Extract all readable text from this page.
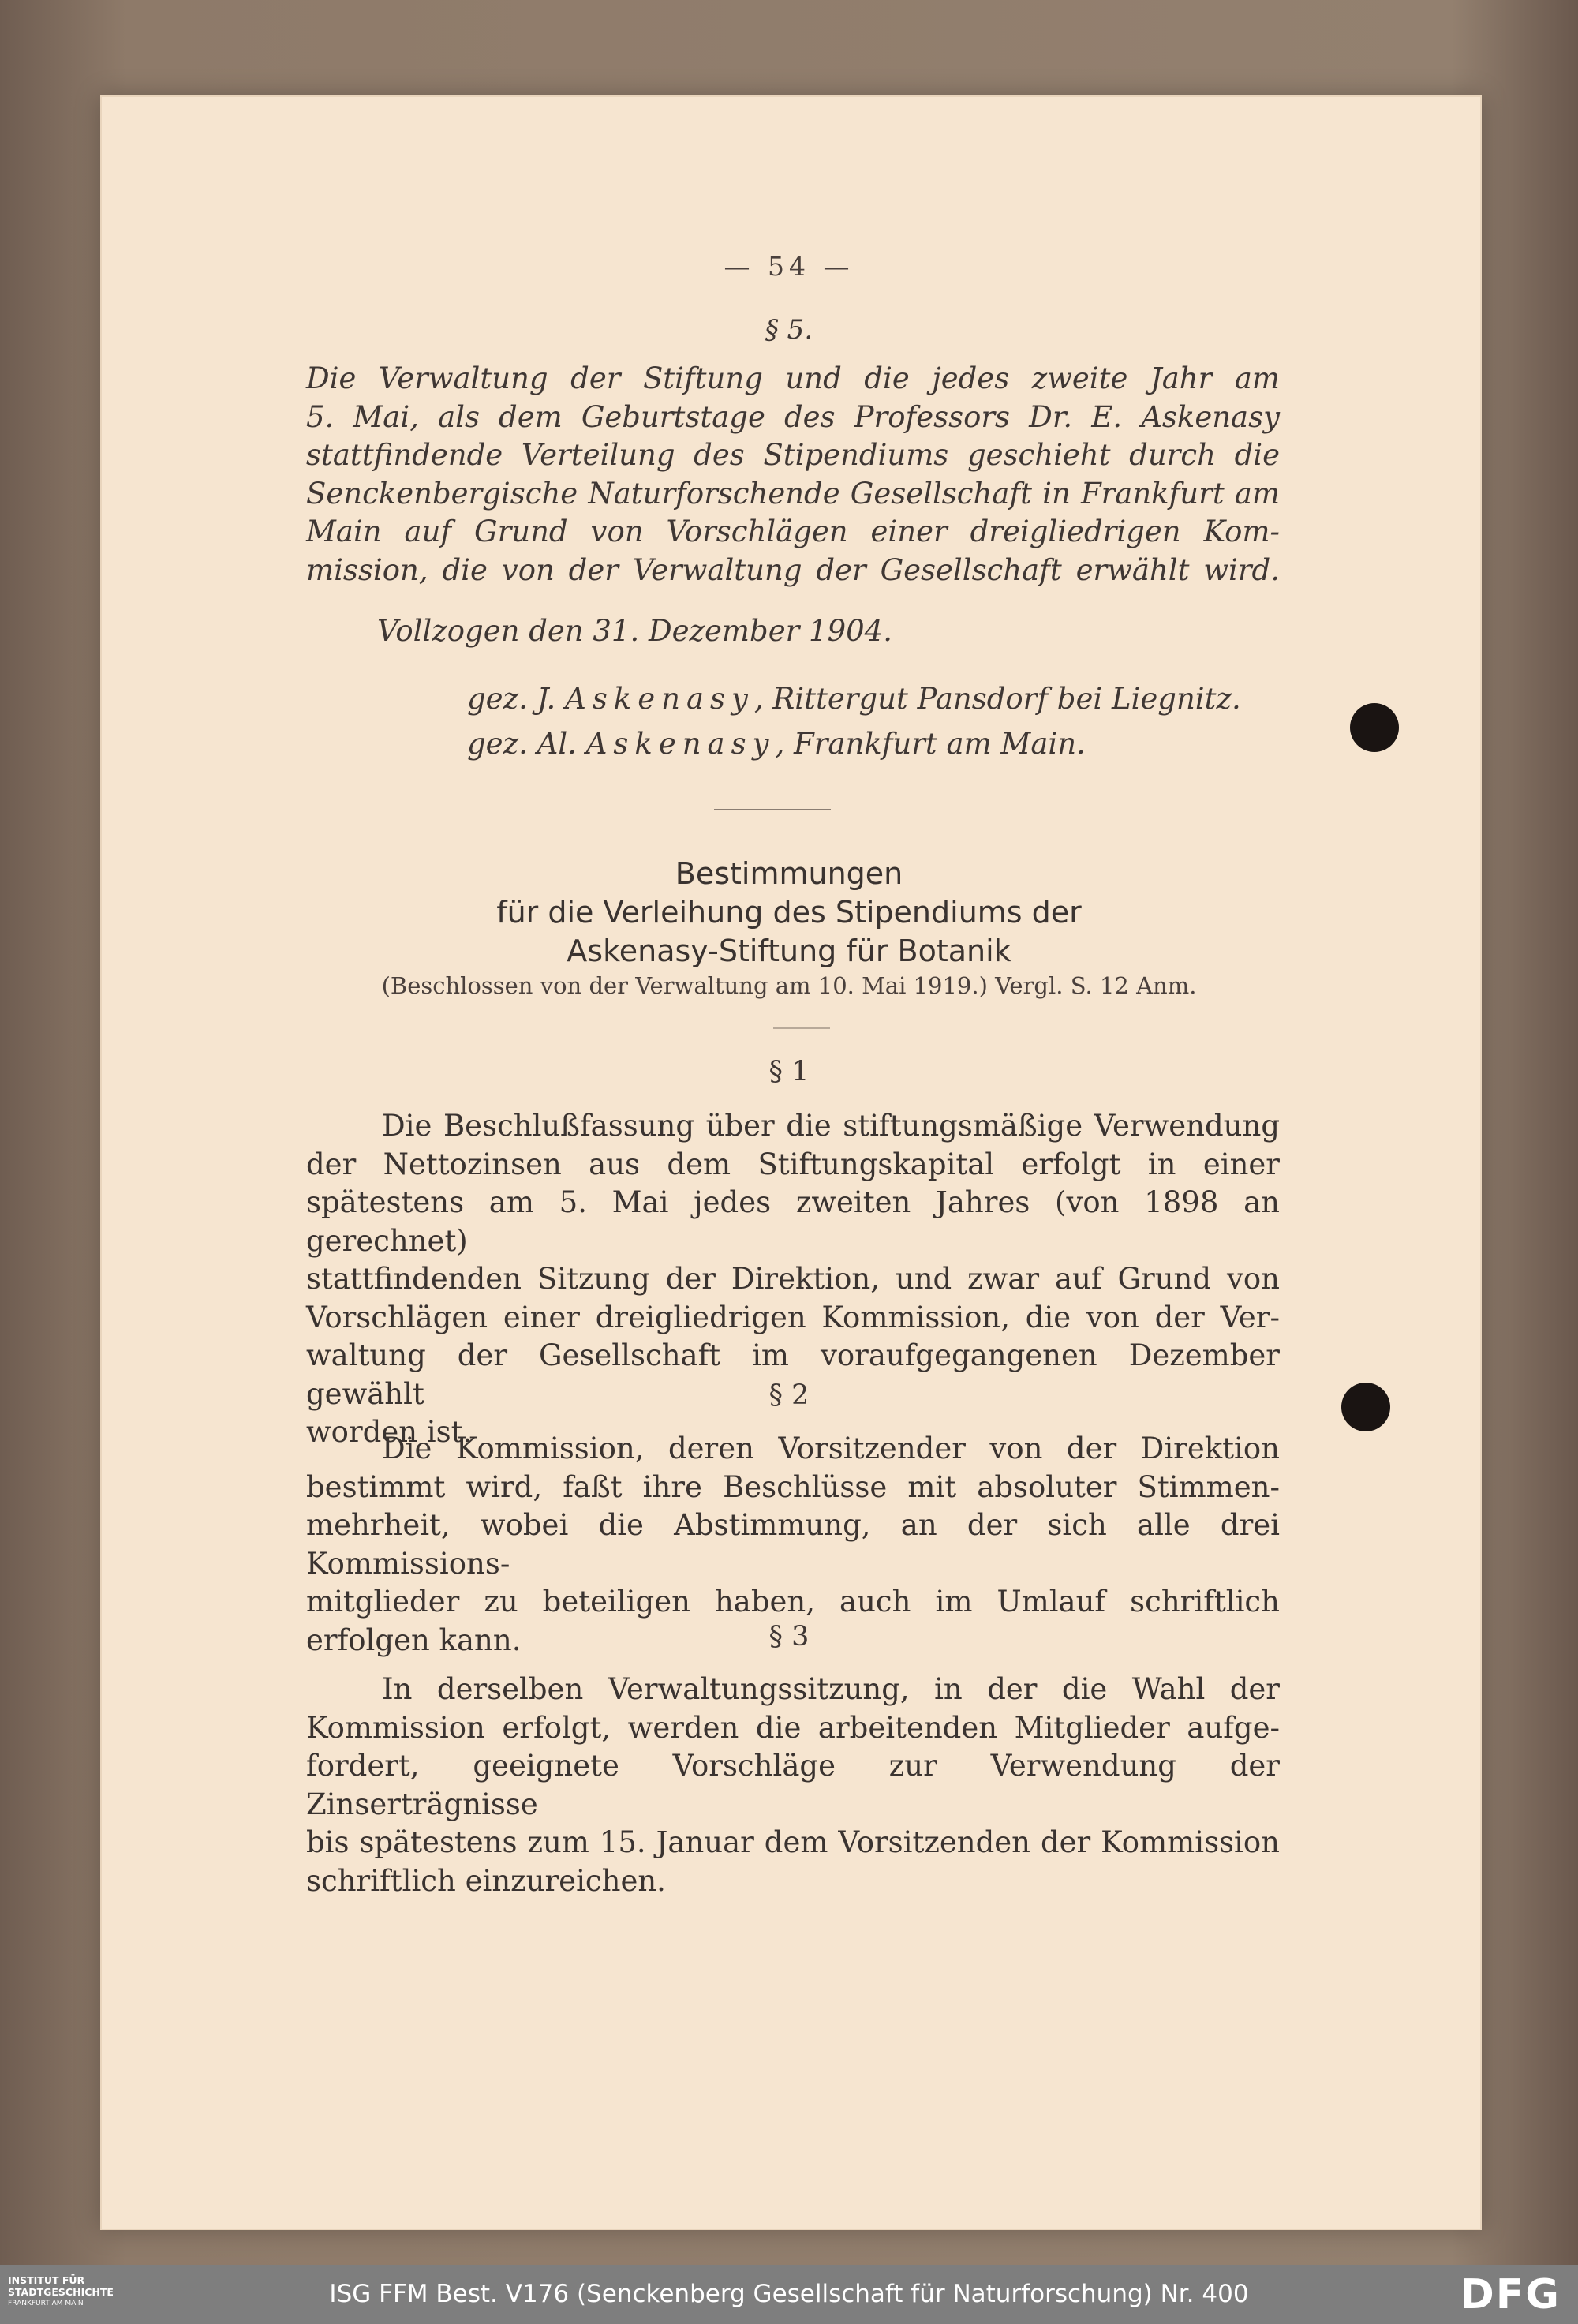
— 54 —
§ 5.
Die Verwaltung der Stiftung und die jedes zweite Jahr am
5. Mai, als dem Geburtstage des Professors Dr. E. Askenasy
stattfindende Verteilung des Stipendiums geschieht durch die
Senckenbergische Naturforschende Gesellschaft in Frankfurt am
Main auf Grund von Vorschlägen einer dreigliedrigen Kom-
mission, die von der Verwaltung der Gesellschaft erwählt wird.
Vollzogen den 31. Dezember 1904.
gez. J. Askenasy, Rittergut Pansdorf bei Liegnitz.
gez. Al. Askenasy, Frankfurt am Main.
Bestimmungen
für die Verleihung des Stipendiums der
Askenasy-Stiftung für Botanik
(Beschlossen von der Verwaltung am 10. Mai 1919.) Vergl. S. 12 Anm.
§ 1
Die Beschlußfassung über die stiftungsmäßige Verwendung
der Nettozinsen aus dem Stiftungskapital erfolgt in einer
spätestens am 5. Mai jedes zweiten Jahres (von 1898 an gerechnet)
stattfindenden Sitzung der Direktion, und zwar auf Grund von
Vorschlägen einer dreigliedrigen Kommission, die von der Ver-
waltung der Gesellschaft im voraufgegangenen Dezember gewählt
worden ist.
§ 2
Die Kommission, deren Vorsitzender von der Direktion
bestimmt wird, faßt ihre Beschlüsse mit absoluter Stimmen-
mehrheit, wobei die Abstimmung, an der sich alle drei Kommissions-
mitglieder zu beteiligen haben, auch im Umlauf schriftlich
erfolgen kann.	§ 3
In derselben Verwaltungssitzung, in der die Wahl der
Kommission erfolgt, werden die arbeitenden Mitglieder aufge-
fordert, geeignete Vorschläge zur Verwendung der Zinserträgnisse
bis spätestens zum 15. Januar dem Vorsitzenden der Kommission
schriftlich einzureichen.
INSTITUT FÜR
STADTGESCHICHTE
FRANKFURT AM MAIN	ISG FFM Best. V176 (Senckenberg Gesellschaft für Naturforschung) Nr. 400	DFG
